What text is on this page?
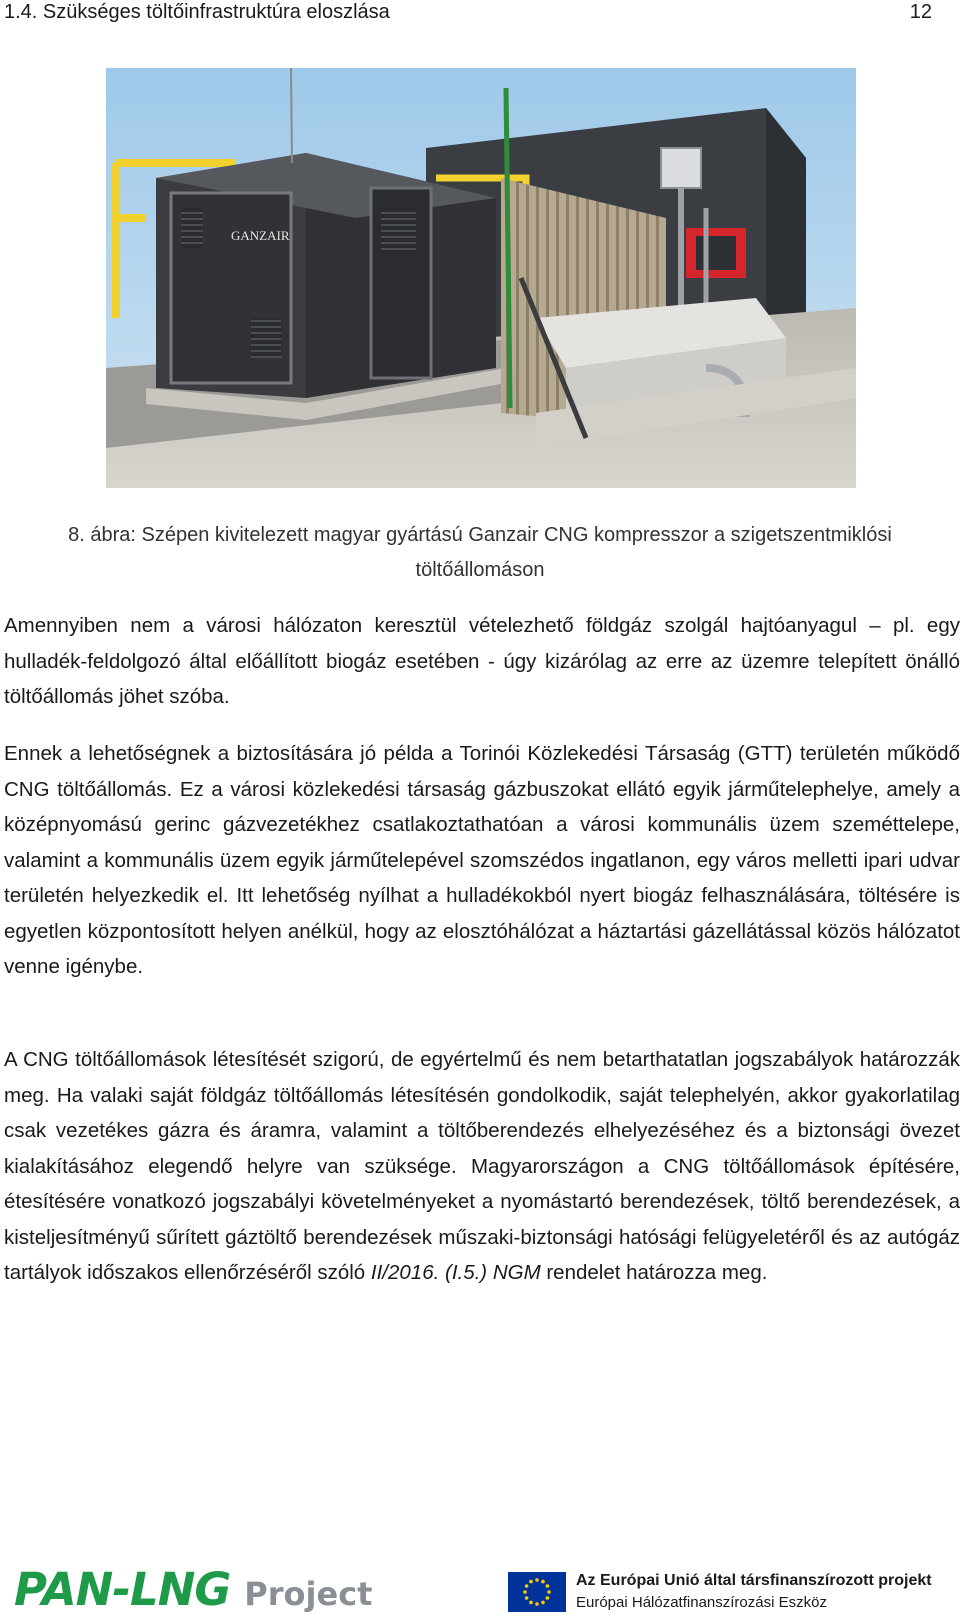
1.4. Szükséges töltőinfrastruktúra eloszlása	12
GANZAIR
8. ábra: Szépen kivitelezett magyar gyártású Ganzair CNG kompresszor a szigetszentmiklósi
töltőállomáson

Amennyiben nem a városi hálózaton keresztül vételezhető földgáz szolgál hajtóanyagul – pl. egy hulladék-feldolgozó által előállított biogáz esetében - úgy kizárólag az erre az üzemre telepített önálló töltőállomás jöhet szóba.

Ennek a lehetőségnek a biztosítására jó példa a Torinói Közlekedési Társaság (GTT) területén működő CNG töltőállomás. Ez a városi közlekedési társaság gázbuszokat ellátó egyik járműtelephelye, amely a középnyomású gerinc gázvezetékhez csatlakoztathatóan a városi kommunális üzem szeméttelepe, valamint a kommunális üzem egyik járműtelepével szomszédos ingatlanon, egy város melletti ipari udvar területén helyezkedik el. Itt lehetőség nyílhat a hulladékokból nyert biogáz felhasználására, töltésére is egyetlen központosított helyen anélkül, hogy az elosztóhálózat a háztartási gázellátással közös hálózatot venne igénybe.

A CNG töltőállomások létesítését szigorú, de egyértelmű és nem betarthatatlan jogszabályok határozzák meg. Ha valaki saját földgáz töltőállomás létesítésén gondolkodik, saját telephelyén, akkor gyakorlatilag csak vezetékes gázra és áramra, valamint a töltőberendezés elhelyezéséhez és a biztonsági övezet kialakításához elegendő helyre van szüksége. Magyarországon a CNG töltőállomások építésére, étesítésére vonatkozó jogszabályi követelményeket a nyomástartó berendezések, töltő berendezések, a kisteljesítményű sűrített gáztöltő berendezések műszaki-biztonsági hatósági felügyeletéről és az autógáz tartályok időszakos ellenőrzéséről szóló II/2016. (I.5.) NGM rendelet határozza meg.

PAN-LNG Project	Az Európai Unió által társfinanszírozott projekt
Európai Hálózatfinanszírozási Eszköz
